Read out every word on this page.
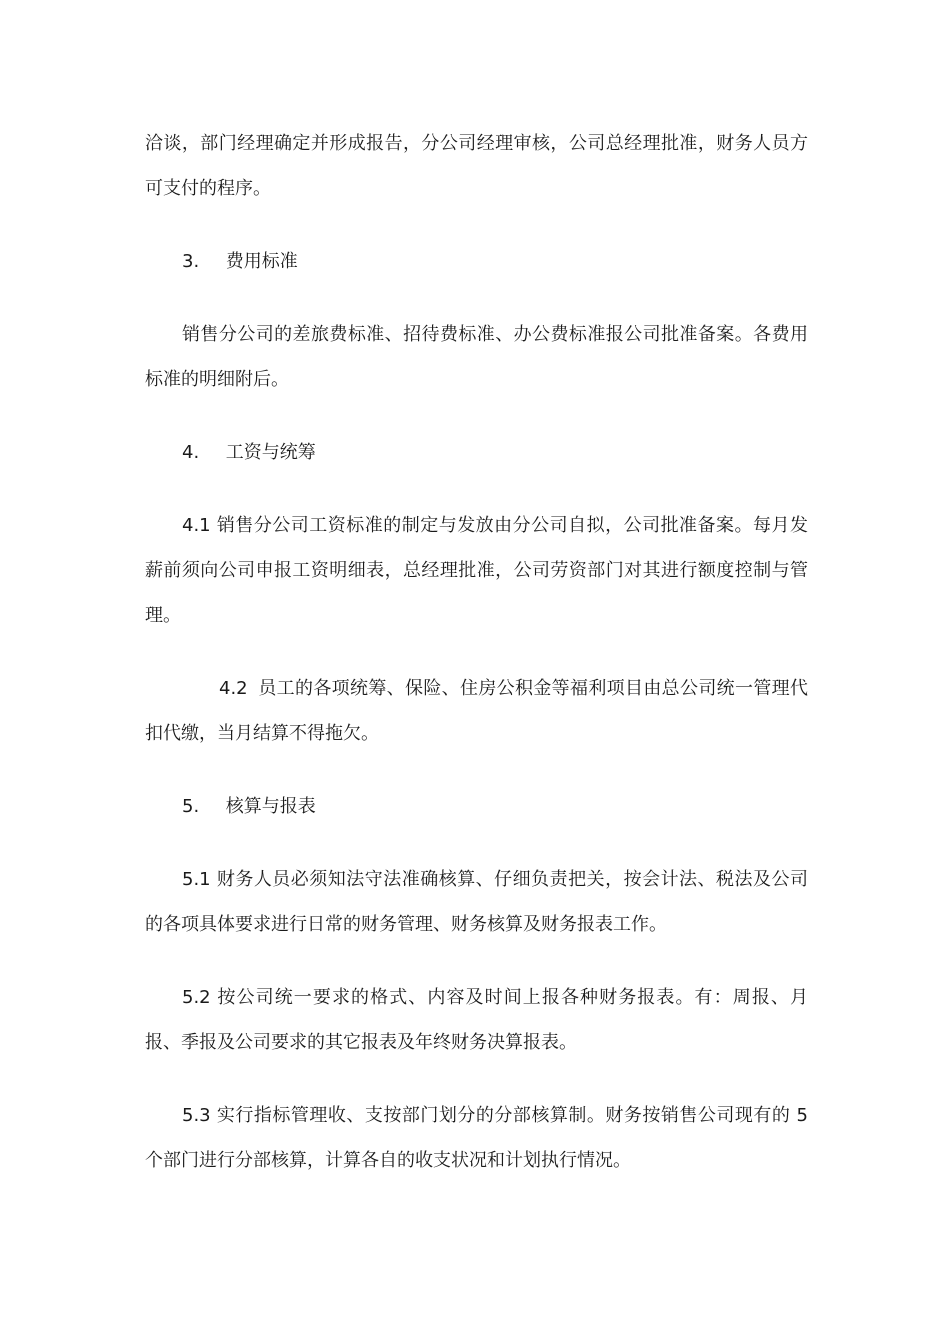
洽谈，部门经理确定并形成报告，分公司经理审核，公司总经理批准，财务人员方可支付的程序。

3. 费用标准

销售分公司的差旅费标准、招待费标准、办公费标准报公司批准备案。各费用标准的明细附后。

4. 工资与统筹

4.1 销售分公司工资标准的制定与发放由分公司自拟，公司批准备案。每月发薪前须向公司申报工资明细表，总经理批准，公司劳资部门对其进行额度控制与管理。

4.2 员工的各项统筹、保险、住房公积金等福利项目由总公司统一管理代扣代缴，当月结算不得拖欠。

5. 核算与报表

5.1 财务人员必须知法守法准确核算、仔细负责把关，按会计法、税法及公司的各项具体要求进行日常的财务管理、财务核算及财务报表工作。

5.2 按公司统一要求的格式、内容及时间上报各种财务报表。有：周报、月报、季报及公司要求的其它报表及年终财务决算报表。

5.3 实行指标管理收、支按部门划分的分部核算制。财务按销售公司现有的 5 个部门进行分部核算，计算各自的收支状况和计划执行情况。
